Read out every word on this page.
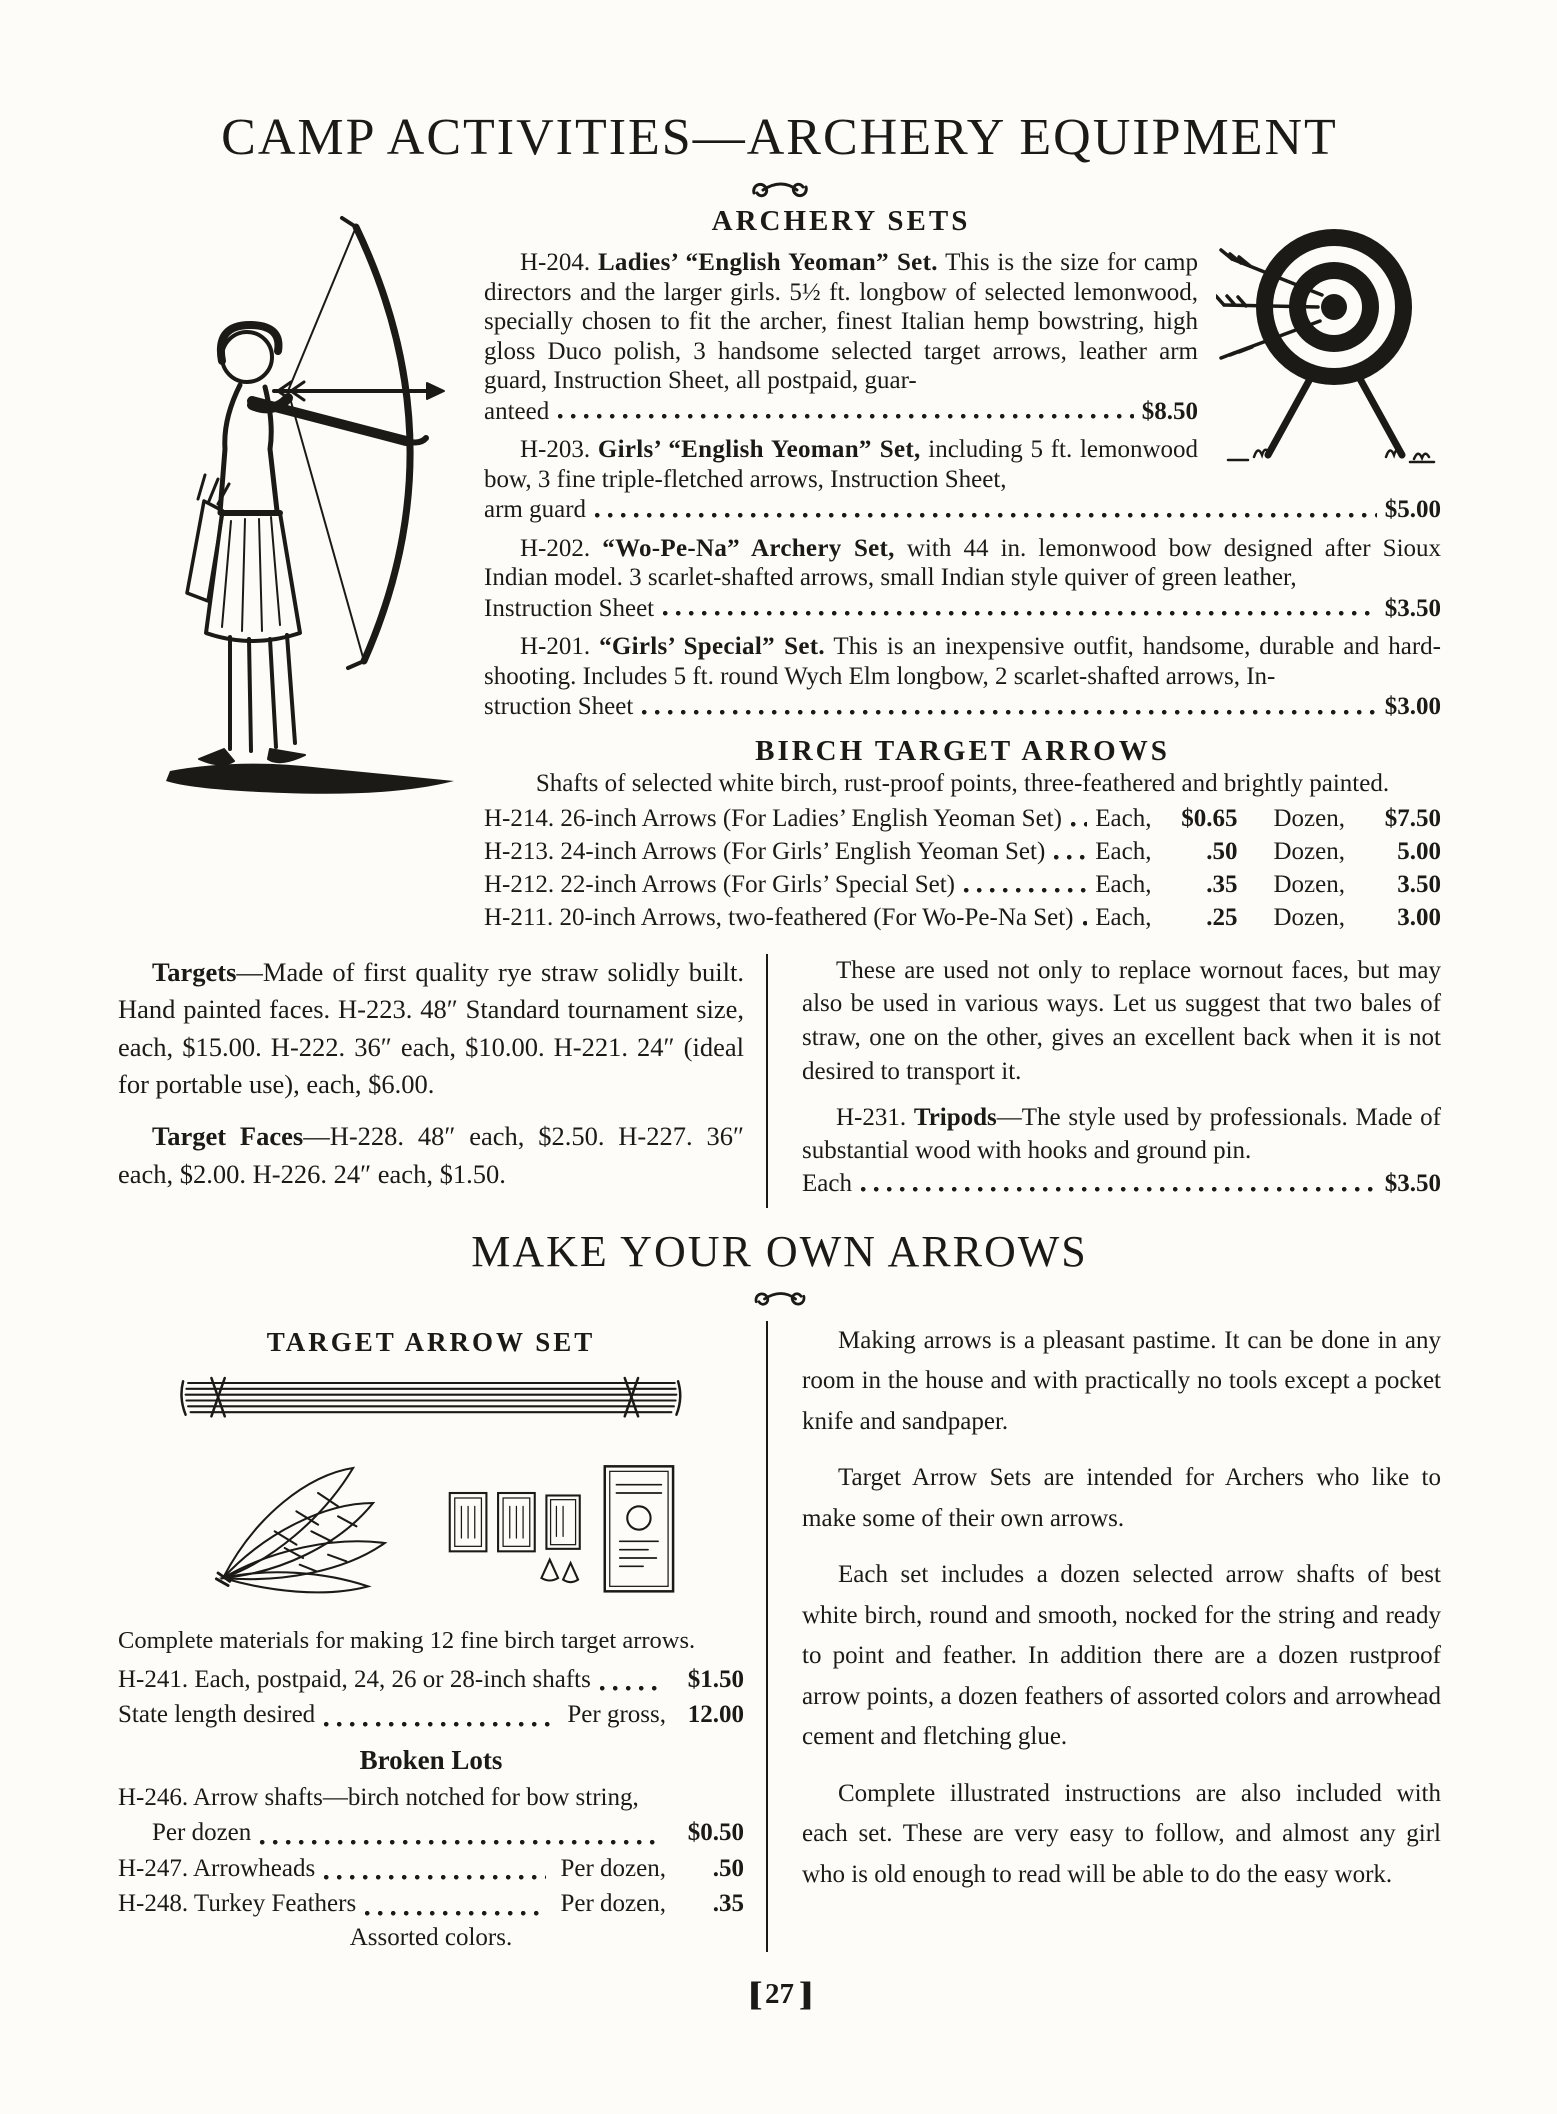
CAMP ACTIVITIES—ARCHERY EQUIPMENT
ARCHERY SETS

H-204. Ladies’ “English Yeoman” Set. This is the size for camp directors and the larger girls. 5½ ft. longbow of selected lemonwood, specially chosen to fit the archer, finest Italian hemp bowstring, high gloss Duco polish, 3 handsome selected target arrows, leather arm guard, Instruction Sheet, all postpaid, guar-

anteed	$8.50

H-203. Girls’ “English Yeoman” Set, including 5 ft. lemonwood bow, 3 fine triple-fletched arrows, Instruction Sheet,

arm guard	$5.00

H-202. “Wo-Pe-Na” Archery Set, with 44 in. lemonwood bow designed after Sioux Indian model. 3 scarlet-shafted arrows, small Indian style quiver of green leather,

Instruction Sheet	$3.50

H-201. “Girls’ Special” Set. This is an inexpensive outfit, handsome, durable and hard-shooting. Includes 5 ft. round Wych Elm longbow, 2 scarlet-shafted arrows, In-

struction Sheet	$3.00
BIRCH TARGET ARROWS

Shafts of selected white birch, rust-proof points, three-feathered and brightly painted.

H-214. 26-inch Arrows (For Ladies’ English Yeoman Set) Each,	$0.65 Dozen,	$7.50
H-213. 24-inch Arrows (For Girls’ English Yeoman Set) Each,	.50 Dozen,	5.00
H-212. 22-inch Arrows (For Girls’ Special Set)	Each,	.35 Dozen,	3.50
H-211. 20-inch Arrows, two-feathered (For Wo-Pe-Na Set) Each,	.25 Dozen,	3.00

Targets—Made of first quality rye straw solidly built. Hand painted faces. H-223. 48″ Standard tournament size, each, $15.00. H-222. 36″ each, $10.00. H-221. 24″ (ideal for portable use), each, $6.00.

Target Faces—H-228. 48″ each, $2.50. H-227. 36″ each, $2.00. H-226. 24″ each, $1.50.

These are used not only to replace wornout faces, but may also be used in various ways. Let us suggest that two bales of straw, one on the other, gives an excellent back when it is not desired to transport it.

H-231. Tripods—The style used by professionals. Made of substantial wood with hooks and ground pin.

Each	$3.50
MAKE YOUR OWN ARROWS
TARGET ARROW SET

Complete materials for making 12 fine birch target arrows.

H-241. Each, postpaid, 24, 26 or 28-inch shafts	$1.50
State length desired	Per gross, 12.00
Broken Lots

H-246. Arrow shafts—birch notched for bow string,

Per dozen	$0.50
H-247. Arrowheads	Per dozen,	.50
H-248. Turkey Feathers	Per dozen,	.35

Assorted colors.

Making arrows is a pleasant pastime. It can be done in any room in the house and with practically no tools except a pocket knife and sandpaper.

Target Arrow Sets are intended for Archers who like to make some of their own arrows.

Each set includes a dozen selected arrow shafts of best white birch, round and smooth, nocked for the string and ready to point and feather. In addition there are a dozen rustproof arrow points, a dozen feathers of assorted colors and arrowhead cement and fletching glue.

Complete illustrated instructions are also included with each set. These are very easy to follow, and almost any girl who is old enough to read will be able to do the easy work.

[ 27 ]
